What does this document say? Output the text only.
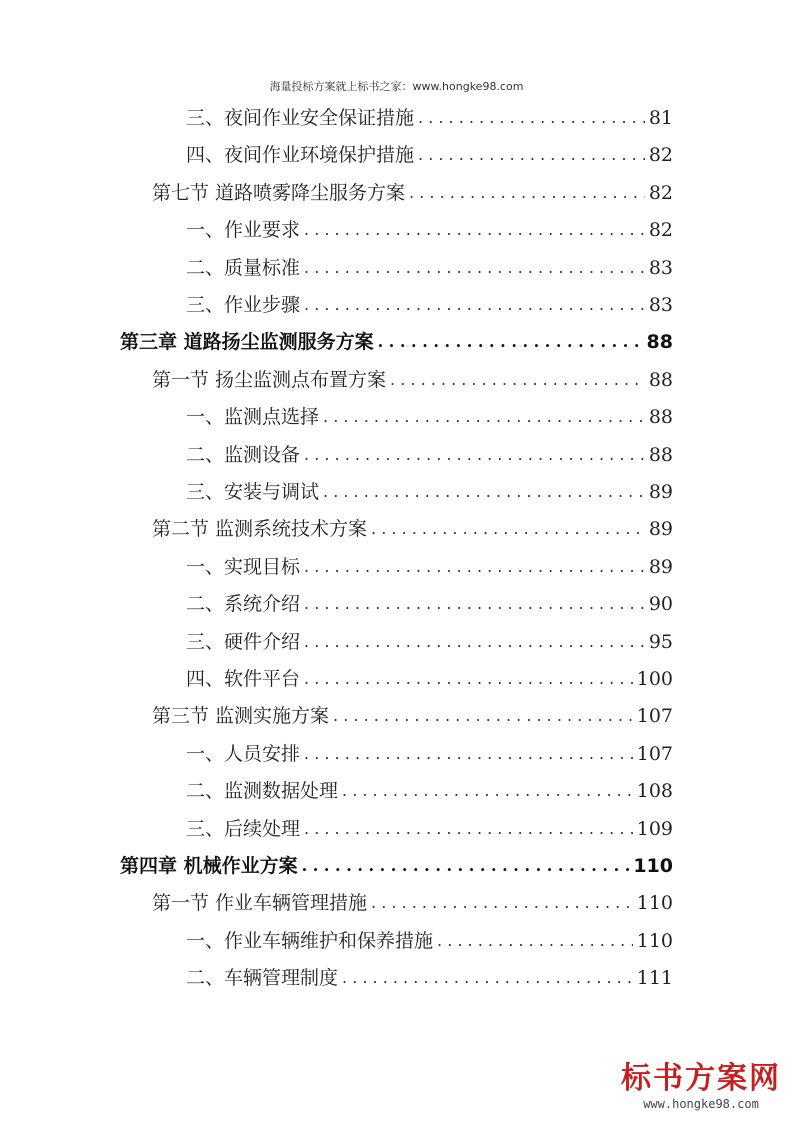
海量投标方案就上标书之家：www.hongke98.com
三、夜间作业安全保证措施 . . .	81
四、夜间作业环境保护措施 . . .	82
第七节 道路喷雾降尘服务方案 . . .	82
一、作业要求 . . .	82
二、质量标准 . . .	83
三、作业步骤 . . .	83
第三章 道路扬尘监测服务方案 . . .	88
第一节 扬尘监测点布置方案 . . .	88
一、监测点选择 . . .	88
二、监测设备 . . .	88
三、安装与调试 . . .	89
第二节 监测系统技术方案 . . .	89
一、实现目标 . . .	89
二、系统介绍 . . .	90
三、硬件介绍 . . .	95
四、软件平台 . . .	100
第三节 监测实施方案 . . .	107
一、人员安排 . . .	107
二、监测数据处理 . . .	108
三、后续处理 . . .	109
第四章 机械作业方案 . . .	110
第一节 作业车辆管理措施 . . .	110
一、作业车辆维护和保养措施 . . .	110
二、车辆管理制度 . . .	111
标书方案网
www.hongke98.com
